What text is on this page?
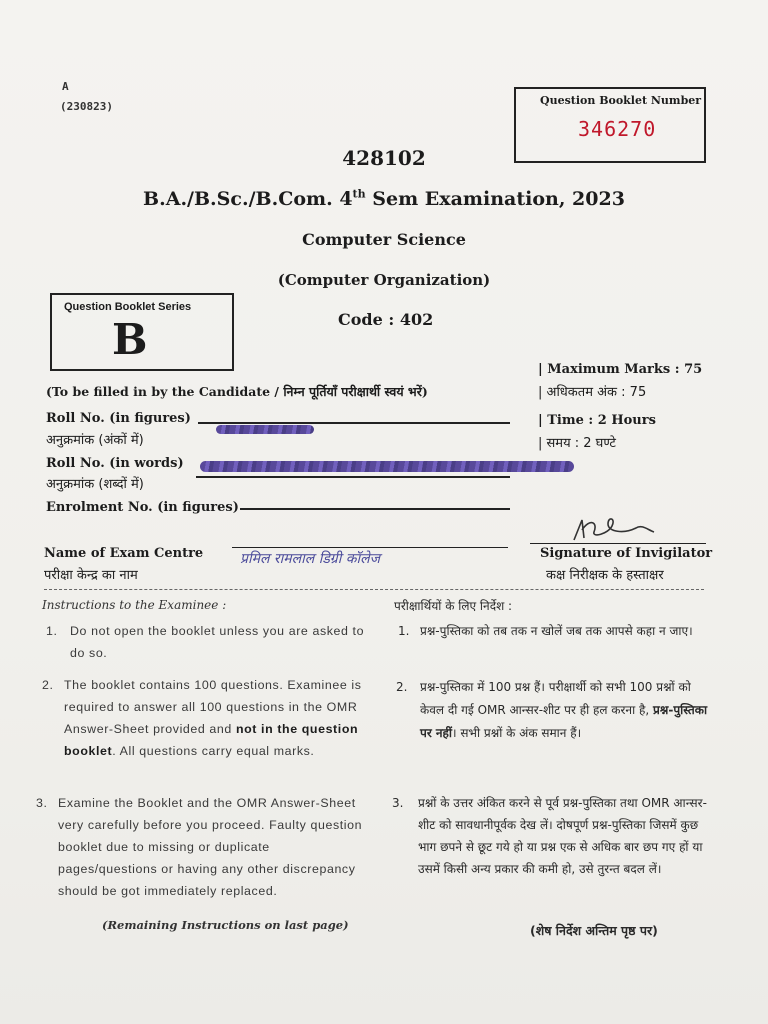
A
(230823)	Question Booklet Number
346270
428102
B.A./B.Sc./B.Com. 4th Sem Examination, 2023
Computer Science
(Computer Organization)
Code : 402
Question Booklet Series
B
| Maximum Marks : 75
| अधिकतम अंक : 75
| Time : 2 Hours
| समय : 2 घण्टे
(To be filled in by the Candidate / निम्न पूर्तियाँ परीक्षार्थी स्वयं भरें)
Roll No. (in figures)
अनुक्रमांक (अंकों में)
Roll No. (in words)
अनुक्रमांक (शब्दों में)
Enrolment No. (in figures)
Name of Exam Centre
परीक्षा केन्द्र का नाम
प्रमिल रामलाल डिग्री कॉलेज	Signature of Invigilator
कक्ष निरीक्षक के हस्ताक्षर
Instructions to the Examinee :
1. Do not open the booklet unless you are asked to do so.
2. The booklet contains 100 questions. Examinee is required to answer all 100 questions in the OMR Answer-Sheet provided and not in the question booklet. All questions carry equal marks.
3. Examine the Booklet and the OMR Answer-Sheet very carefully before you proceed. Faulty question booklet due to missing or duplicate pages/questions or having any other discrepancy should be got immediately replaced.
(Remaining Instructions on last page)
परीक्षार्थियों के लिए निर्देश :
1. प्रश्न-पुस्तिका को तब तक न खोलें जब तक आपसे कहा न जाए।
2. प्रश्न-पुस्तिका में 100 प्रश्न हैं। परीक्षार्थी को सभी 100 प्रश्नों को केवल दी गई OMR आन्सर-शीट पर ही हल करना है, प्रश्न-पुस्तिका पर नहीं। सभी प्रश्नों के अंक समान हैं।
3. प्रश्नों के उत्तर अंकित करने से पूर्व प्रश्न-पुस्तिका तथा OMR आन्सर-शीट को सावधानीपूर्वक देख लें। दोषपूर्ण प्रश्न-पुस्तिका जिसमें कुछ भाग छपने से छूट गये हो या प्रश्न एक से अधिक बार छप गए हों या उसमें किसी अन्य प्रकार की कमी हो, उसे तुरन्त बदल लें।
(शेष निर्देश अन्तिम पृष्ठ पर)
